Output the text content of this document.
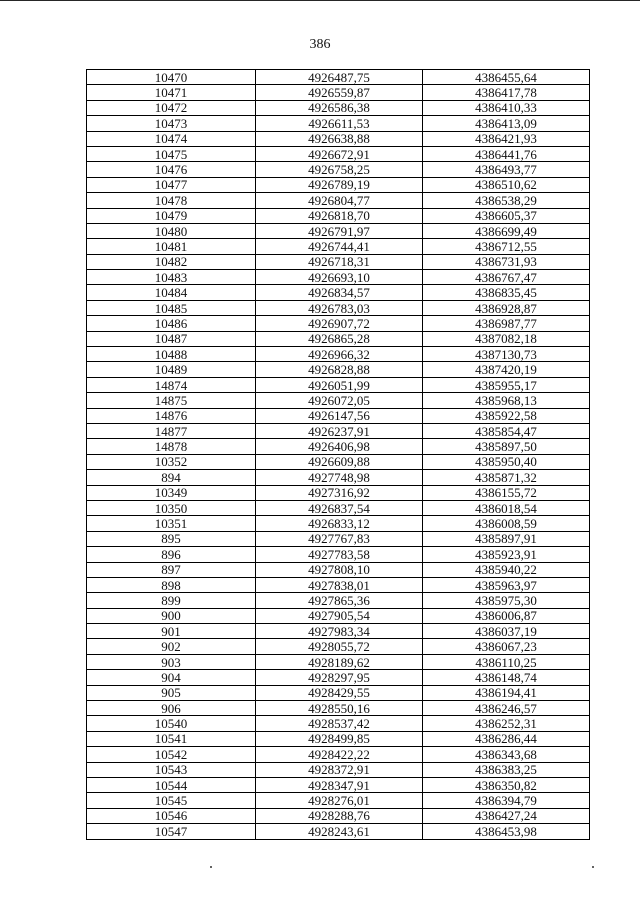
386
10470	4926487,75	4386455,64
10471	4926559,87	4386417,78
10472	4926586,38	4386410,33
10473	4926611,53	4386413,09
10474	4926638,88	4386421,93
10475	4926672,91	4386441,76
10476	4926758,25	4386493,77
10477	4926789,19	4386510,62
10478	4926804,77	4386538,29
10479	4926818,70	4386605,37
10480	4926791,97	4386699,49
10481	4926744,41	4386712,55
10482	4926718,31	4386731,93
10483	4926693,10	4386767,47
10484	4926834,57	4386835,45
10485	4926783,03	4386928,87
10486	4926907,72	4386987,77
10487	4926865,28	4387082,18
10488	4926966,32	4387130,73
10489	4926828,88	4387420,19
14874	4926051,99	4385955,17
14875	4926072,05	4385968,13
14876	4926147,56	4385922,58
14877	4926237,91	4385854,47
14878	4926406,98	4385897,50
10352	4926609,88	4385950,40
894	4927748,98	4385871,32
10349	4927316,92	4386155,72
10350	4926837,54	4386018,54
10351	4926833,12	4386008,59
895	4927767,83	4385897,91
896	4927783,58	4385923,91
897	4927808,10	4385940,22
898	4927838,01	4385963,97
899	4927865,36	4385975,30
900	4927905,54	4386006,87
901	4927983,34	4386037,19
902	4928055,72	4386067,23
903	4928189,62	4386110,25
904	4928297,95	4386148,74
905	4928429,55	4386194,41
906	4928550,16	4386246,57
10540	4928537,42	4386252,31
10541	4928499,85	4386286,44
10542	4928422,22	4386343,68
10543	4928372,91	4386383,25
10544	4928347,91	4386350,82
10545	4928276,01	4386394,79
10546	4928288,76	4386427,24
10547	4928243,61	4386453,98
